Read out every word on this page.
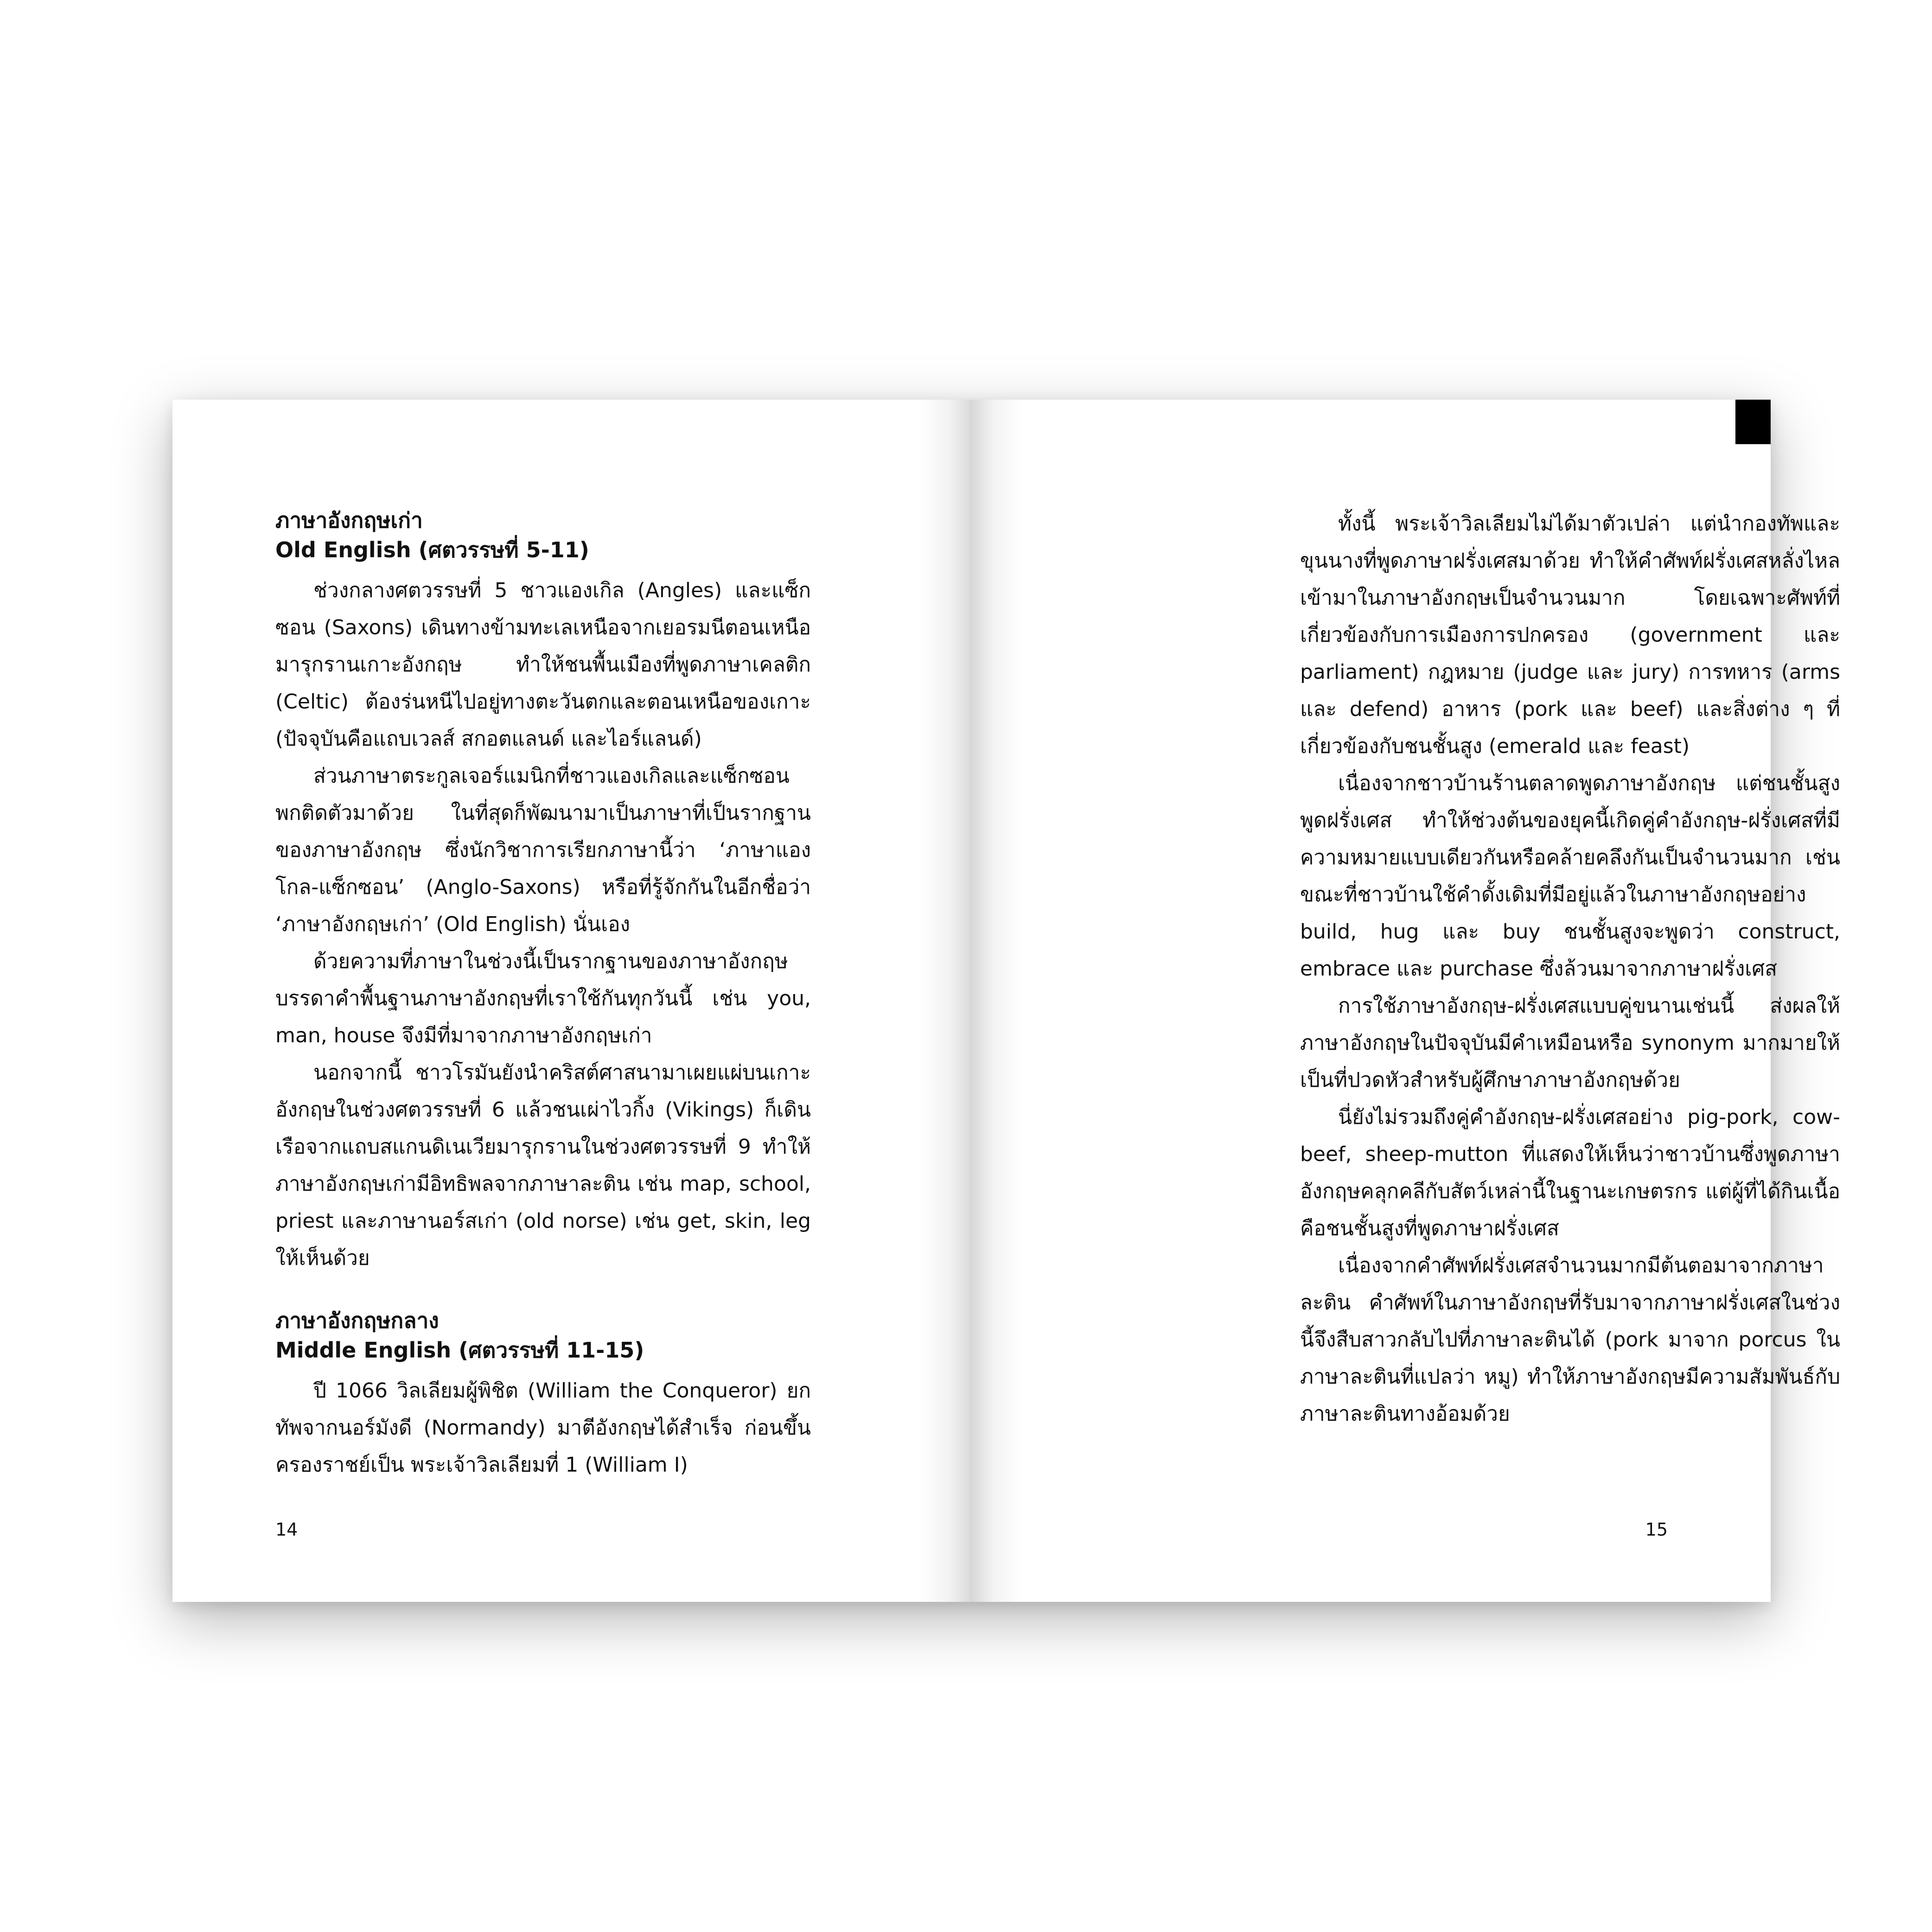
ภาษาอังกฤษเก่า

Old English (ศตวรรษที่ 5-11)

ช่วงกลางศตวรรษที่ 5 ชาวแองเกิล (Angles) และแซ็กซอน (Saxons) เดินทางข้ามทะเลเหนือจากเยอรมนีตอนเหนือมารุกรานเกาะอังกฤษ ทำให้ชนพื้นเมืองที่พูดภาษาเคลติก (Celtic) ต้องร่นหนีไปอยู่ทางตะวันตกและตอนเหนือของเกาะ (ปัจจุบันคือแถบเวลส์ สกอตแลนด์ และไอร์แลนด์)

ส่วนภาษาตระกูลเจอร์แมนิกที่ชาวแองเกิลและแซ็กซอนพกติดตัวมาด้วย ในที่สุดก็พัฒนามาเป็นภาษาที่เป็นรากฐานของภาษาอังกฤษ ซึ่งนักวิชาการเรียกภาษานี้ว่า ‘ภาษาแองโกล-แซ็กซอน’ (Anglo-Saxons) หรือที่รู้จักกันในอีกชื่อว่า ‘ภาษาอังกฤษเก่า’ (Old English) นั่นเอง

ด้วยความที่ภาษาในช่วงนี้เป็นรากฐานของภาษาอังกฤษ บรรดาคำพื้นฐานภาษาอังกฤษที่เราใช้กันทุกวันนี้ เช่น you, man, house จึงมีที่มาจากภาษาอังกฤษเก่า

นอกจากนี้ ชาวโรมันยังนำคริสต์ศาสนามาเผยแผ่บนเกาะอังกฤษในช่วงศตวรรษที่ 6 แล้วชนเผ่าไวกิ้ง (Vikings) ก็เดินเรือจากแถบสแกนดิเนเวียมารุกรานในช่วงศตวรรษที่ 9 ทำให้ภาษาอังกฤษเก่ามีอิทธิพลจากภาษาละติน เช่น map, school, priest และภาษานอร์สเก่า (old norse) เช่น get, skin, leg ให้เห็นด้วย

ภาษาอังกฤษกลาง

Middle English (ศตวรรษที่ 11-15)

ปี 1066 วิลเลียมผู้พิชิต (William the Conqueror) ยกทัพจากนอร์มังดี (Normandy) มาตีอังกฤษได้สำเร็จ ก่อนขึ้นครองราชย์เป็น พระเจ้าวิลเลียมที่ 1 (William I)

14

ทั้งนี้ พระเจ้าวิลเลียมไม่ได้มาตัวเปล่า แต่นำกองทัพและขุนนางที่พูดภาษาฝรั่งเศสมาด้วย ทำให้คำศัพท์ฝรั่งเศสหลั่งไหลเข้ามาในภาษาอังกฤษเป็นจำนวนมาก โดยเฉพาะศัพท์ที่เกี่ยวข้องกับการเมืองการปกครอง (government และ parliament) กฎหมาย (judge และ jury) การทหาร (arms และ defend) อาหาร (pork และ beef) และสิ่งต่าง ๆ ที่เกี่ยวข้องกับชนชั้นสูง (emerald และ feast)

เนื่องจากชาวบ้านร้านตลาดพูดภาษาอังกฤษ แต่ชนชั้นสูงพูดฝรั่งเศส ทำให้ช่วงต้นของยุคนี้เกิดคู่คำอังกฤษ-ฝรั่งเศสที่มีความหมายแบบเดียวกันหรือคล้ายคลึงกันเป็นจำนวนมาก เช่น ขณะที่ชาวบ้านใช้คำดั้งเดิมที่มีอยู่แล้วในภาษาอังกฤษอย่าง build, hug และ buy ชนชั้นสูงจะพูดว่า construct, embrace และ purchase ซึ่งล้วนมาจากภาษาฝรั่งเศส

การใช้ภาษาอังกฤษ-ฝรั่งเศสแบบคู่ขนานเช่นนี้ ส่งผลให้ภาษาอังกฤษในปัจจุบันมีคำเหมือนหรือ synonym มากมายให้เป็นที่ปวดหัวสำหรับผู้ศึกษาภาษาอังกฤษด้วย

นี่ยังไม่รวมถึงคู่คำอังกฤษ-ฝรั่งเศสอย่าง pig-pork, cow-beef, sheep-mutton ที่แสดงให้เห็นว่าชาวบ้านซึ่งพูดภาษาอังกฤษคลุกคลีกับสัตว์เหล่านี้ในฐานะเกษตรกร แต่ผู้ที่ได้กินเนื้อคือชนชั้นสูงที่พูดภาษาฝรั่งเศส

เนื่องจากคำศัพท์ฝรั่งเศสจำนวนมากมีต้นตอมาจากภาษาละติน คำศัพท์ในภาษาอังกฤษที่รับมาจากภาษาฝรั่งเศสในช่วงนี้จึงสืบสาวกลับไปที่ภาษาละตินได้ (pork มาจาก porcus ในภาษาละตินที่แปลว่า หมู) ทำให้ภาษาอังกฤษมีความสัมพันธ์กับภาษาละตินทางอ้อมด้วย

15
